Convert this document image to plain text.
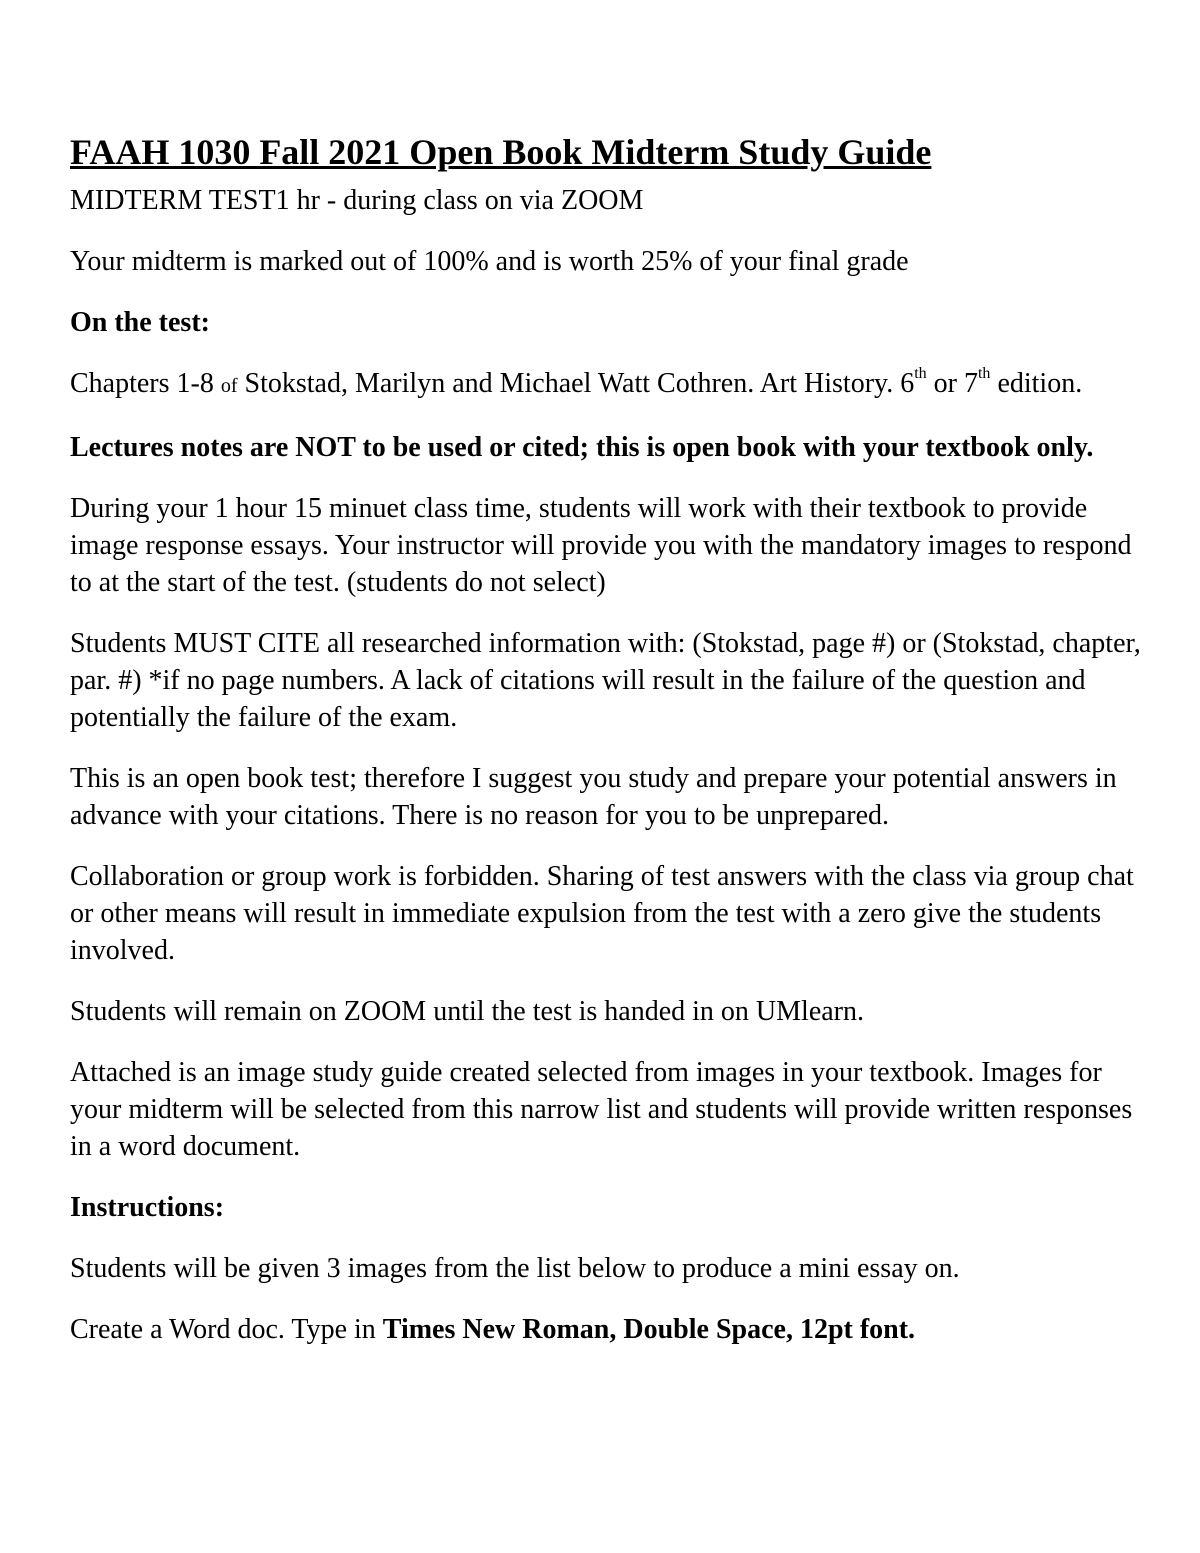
FAAH 1030 Fall 2021 Open Book Midterm Study Guide

MIDTERM TEST1 hr - during class on via ZOOM

Your midterm is marked out of 100% and is worth 25% of your final grade

On the test:

Chapters 1-8 of Stokstad, Marilyn and Michael Watt Cothren. Art History. 6th or 7th edition.

Lectures notes are NOT to be used or cited; this is open book with your textbook only.

During your 1 hour 15 minuet class time, students will work with their textbook to provide image response essays. Your instructor will provide you with the mandatory images to respond to at the start of the test. (students do not select)

Students MUST CITE all researched information with: (Stokstad, page #) or (Stokstad, chapter, par. #) *if no page numbers. A lack of citations will result in the failure of the question and potentially the failure of the exam.

This is an open book test; therefore I suggest you study and prepare your potential answers in advance with your citations. There is no reason for you to be unprepared.

Collaboration or group work is forbidden. Sharing of test answers with the class via group chat or other means will result in immediate expulsion from the test with a zero give the students involved.

Students will remain on ZOOM until the test is handed in on UMlearn.

Attached is an image study guide created selected from images in your textbook. Images for your midterm will be selected from this narrow list and students will provide written responses in a word document.

Instructions:

Students will be given 3 images from the list below to produce a mini essay on.

Create a Word doc. Type in Times New Roman, Double Space, 12pt font.
